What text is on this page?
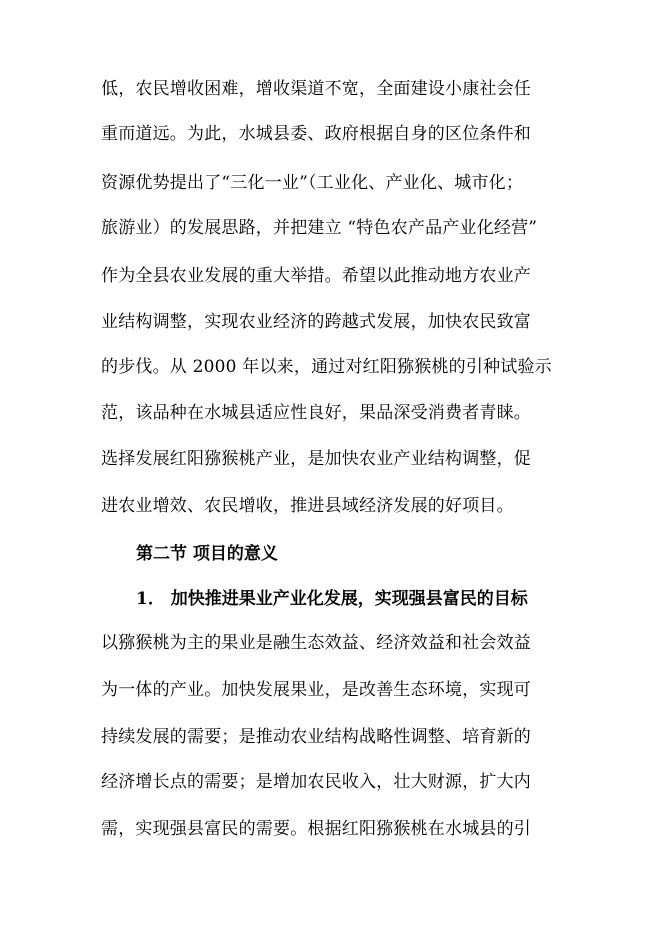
低，农民增收困难，增收渠道不宽，全面建设小康社会任
重而道远。为此，水城县委、政府根据自身的区位条件和
资源优势提出了“三化一业”（工业化、产业化、城市化；
旅游业）的发展思路，并把建立 “特色农产品产业化经营”
作为全县农业发展的重大举措。希望以此推动地方农业产
业结构调整，实现农业经济的跨越式发展，加快农民致富
的步伐。从 2000 年以来，通过对红阳猕猴桃的引种试验示
范，该品种在水城县适应性良好，果品深受消费者青睐。
选择发展红阳猕猴桃产业，是加快农业产业结构调整，促
进农业增效、农民增收，推进县域经济发展的好项目。
第二节 项目的意义
1． 加快推进果业产业化发展，实现强县富民的目标
以猕猴桃为主的果业是融生态效益、经济效益和社会效益
为一体的产业。加快发展果业，是改善生态环境，实现可
持续发展的需要；是推动农业结构战略性调整、培育新的
经济增长点的需要；是增加农民收入，壮大财源，扩大内
需，实现强县富民的需要。根据红阳猕猴桃在水城县的引
